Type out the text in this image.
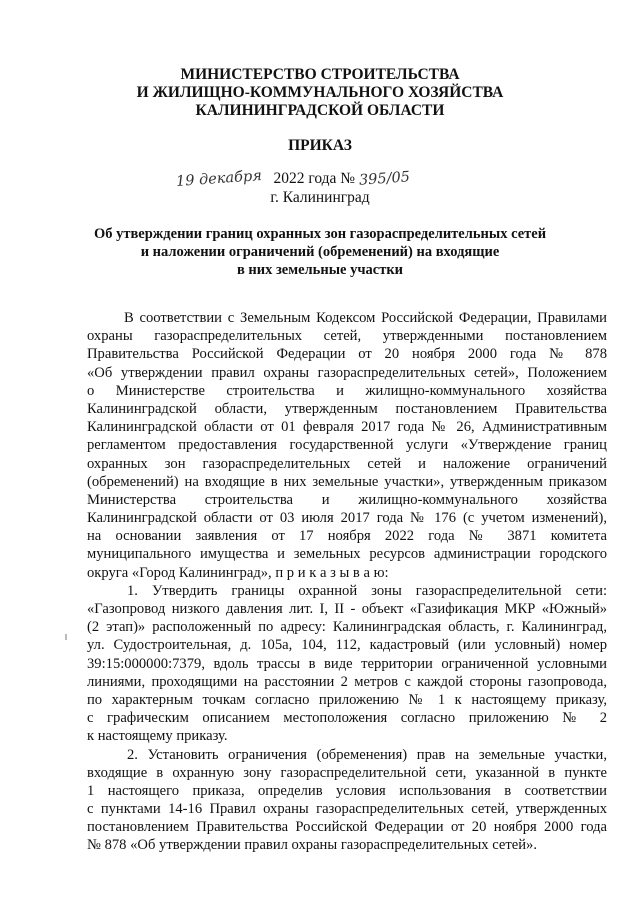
МИНИСТЕРСТВО СТРОИТЕЛЬСТВА

И ЖИЛИЩНО-КОММУНАЛЬНОГО ХОЗЯЙСТВА

КАЛИНИНГРАДСКОЙ ОБЛАСТИ

ПРИКАЗ

19 декабря 2022 года № 395/05
г. Калининград

Об утверждении границ охранных зон газораспределительных сетей

и наложении ограничений (обременений) на входящие

в них земельные участки

В соответствии с Земельным Кодексом Российской Федерации, Правилами
охраны газораспределительных сетей, утвержденными постановлением
Правительства Российской Федерации от 20 ноября 2000 года № 878
«Об утверждении правил охраны газораспределительных сетей», Положением
о Министерстве строительства и жилищно-коммунального хозяйства
Калининградской области, утвержденным постановлением Правительства
Калининградской области от 01 февраля 2017 года № 26, Административным
регламентом предоставления государственной услуги «Утверждение границ
охранных зон газораспределительных сетей и наложение ограничений
(обременений) на входящие в них земельные участки», утвержденным приказом
Министерства строительства и жилищно-коммунального хозяйства
Калининградской области от 03 июля 2017 года № 176 (с учетом изменений),
на основании заявления от 17 ноября 2022 года № 3871 комитета
муниципального имущества и земельных ресурсов администрации городского
округа «Город Калининград», п р и к а з ы в а ю:
1. Утвердить границы охранной зоны газораспределительной сети:
«Газопровод низкого давления лит. I, II - объект «Газификация МКР «Южный»
(2 этап)» расположенный по адресу: Калининградская область, г. Калининград,
ул. Судостроительная, д. 105а, 104, 112, кадастровый (или условный) номер
39:15:000000:7379, вдоль трассы в виде территории ограниченной условными
линиями, проходящими на расстоянии 2 метров с каждой стороны газопровода,
по характерным точкам согласно приложению № 1 к настоящему приказу,
с графическим описанием местоположения согласно приложению № 2
к настоящему приказу.
2. Установить ограничения (обременения) прав на земельные участки,
входящие в охранную зону газораспределительной сети, указанной в пункте
1 настоящего приказа, определив условия использования в соответствии
с пунктами 14-16 Правил охраны газораспределительных сетей, утвержденных
постановлением Правительства Российской Федерации от 20 ноября 2000 года
№ 878 «Об утверждении правил охраны газораспределительных сетей».
